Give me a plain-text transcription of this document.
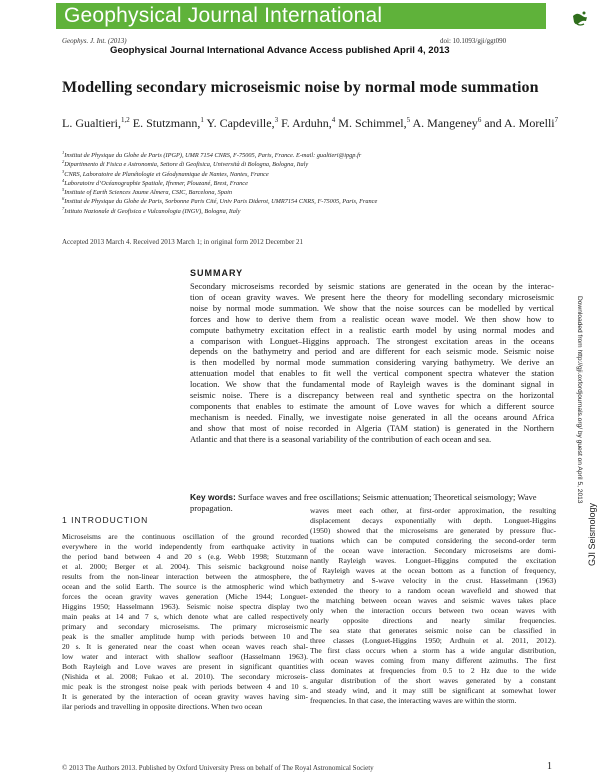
Geophysical Journal International
Geophys. J. Int. (2013)	doi: 10.1093/gji/ggt090
Geophysical Journal International Advance Access published April 4, 2013
Modelling secondary microseismic noise by normal mode summation
L. Gualtieri,$^{1,2}$ E. Stutzmann,$^1$ Y. Capdeville,$^3$ F. Arduhn,$^4$ M. Schimmel,$^5$ A. Mangeney$^6$ and A. Morelli$^7$
$^1$Institut de Physique du Globe de Paris (IPGP), UMR 7154 CNRS, F-75005, Paris, France. E-mail: gualtieri@ipgp.fr
$^2$Dipartimento di Fisica e Astronomia, Settore di Geofisica, Università di Bologna, Bologna, Italy
$^3$CNRS, Laboratoire de Planétologie et Géodynamique de Nantes, Nantes, France
$^4$Laboratoire d’Océanographie Spatiale, Ifremer, Plouzané, Brest, France
$^5$Institute of Earth Sciences Jaume Almera, CSIC, Barcelona, Spain
$^6$Institut de Physique du Globe de Paris, Sorbonne Paris Cité, Univ Paris Diderot, UMR7154 CNRS, F-75005, Paris, France
$^7$Istituto Nazionale di Geofisica e Vulcanologia (INGV), Bologna, Italy
Accepted 2013 March 4. Received 2013 March 1; in original form 2012 December 21
SUMMARY
Secondary microseisms recorded by seismic stations are generated in the ocean by the interac-
tion of ocean gravity waves. We present here the theory for modelling secondary microseismic
noise by normal mode summation. We show that the noise sources can be modelled by vertical
forces and how to derive them from a realistic ocean wave model. We then show how to
compute bathymetry excitation effect in a realistic earth model by using normal modes and
a comparison with Longuet–Higgins approach. The strongest excitation areas in the oceans
depends on the bathymetry and period and are different for each seismic mode. Seismic noise
is then modelled by normal mode summation considering varying bathymetry. We derive an
attenuation model that enables to fit well the vertical component spectra whatever the station
location. We show that the fundamental mode of Rayleigh waves is the dominant signal in
seismic noise. There is a discrepancy between real and synthetic spectra on the horizontal
components that enables to estimate the amount of Love waves for which a different source
mechanism is needed. Finally, we investigate noise generated in all the oceans around Africa
and show that most of noise recorded in Algeria (TAM station) is generated in the Northern
Atlantic and that there is a seasonal variability of the contribution of each ocean and sea.
Key words: Surface waves and free oscillations; Seismic attenuation; Theoretical seismology; Wave propagation.
1 INTRODUCTION
Microseisms are the continuous oscillation of the ground recorded
everywhere in the world independently from earthquake activity in
the period band between 4 and 20 s (e.g. Webb 1998; Stutzmann
et al. 2000; Berger et al. 2004). This seismic background noise
results from the non-linear interaction between the atmosphere, the
ocean and the solid Earth. The source is the atmospheric wind which
forces the ocean gravity waves generation (Miche 1944; Longuet-
Higgins 1950; Hasselmann 1963). Seismic noise spectra display two
main peaks at 14 and 7 s, which denote what are called respectively
primary and secondary microseisms. The primary microseismic
peak is the smaller amplitude hump with periods between 10 and
20 s. It is generated near the coast when ocean waves reach shal-
low water and interact with shallow seafloor (Hasselmann 1963).
Both Rayleigh and Love waves are present in significant quantities
(Nishida et al. 2008; Fukao et al. 2010). The secondary microseis-
mic peak is the strongest noise peak with periods between 4 and 10 s.
It is generated by the interaction of ocean gravity waves having sim-
ilar periods and travelling in opposite directions. When two ocean
waves meet each other, at first-order approximation, the resulting
displacement decays exponentially with depth. Longuet-Higgins
(1950) showed that the microseisms are generated by pressure fluc-
tuations which can be computed considering the second-order term
of the ocean wave interaction. Secondary microseisms are domi-
nantly Rayleigh waves. Longuet–Higgins computed the excitation
of Rayleigh waves at the ocean bottom as a function of frequency,
bathymetry and S-wave velocity in the crust. Hasselmann (1963)
extended the theory to a random ocean wavefield and showed that
the matching between ocean waves and seismic waves takes place
only when the interaction occurs between two ocean waves with
nearly opposite directions and nearly similar frequencies.
The sea state that generates seismic noise can be classified in
three classes (Longuet-Higgins 1950; Ardhuin et al. 2011, 2012).
The first class occurs when a storm has a wide angular distribution,
with ocean waves coming from many different azimuths. The first
class dominates at frequencies from 0.5 to 2 Hz due to the wide
angular distribution of the short waves generated by a constant
and steady wind, and it may still be significant at somewhat lower
frequencies. In that case, the interacting waves are within the storm.
© 2013 The Authors 2013. Published by Oxford University Press on behalf of The Royal Astronomical Society	1
Downloaded from http://gji.oxfordjournals.org/ by guest on April 5, 2013
GJI Seismology
